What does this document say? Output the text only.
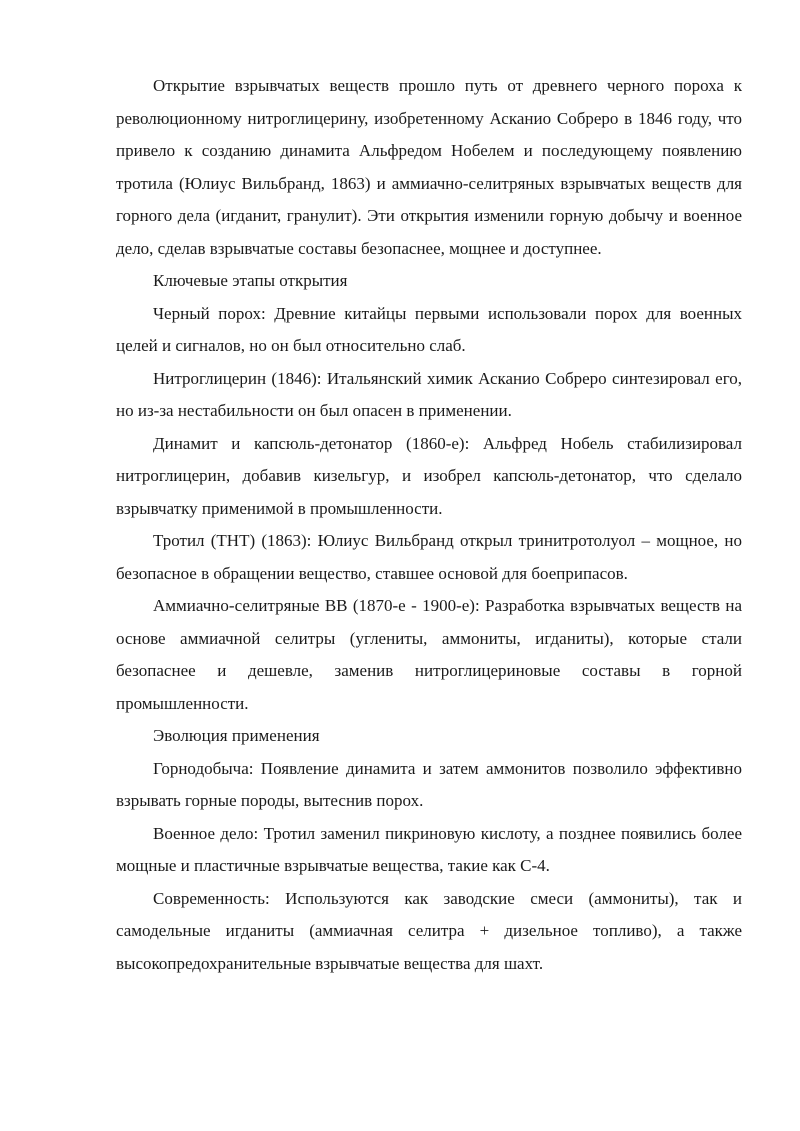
Открытие взрывчатых веществ прошло путь от древнего черного пороха к революционному нитроглицерину, изобретенному Асканио Собреро в 1846 году, что привело к созданию динамита Альфредом Нобелем и последующему появлению тротила (Юлиус Вильбранд, 1863) и аммиачно-селитряных взрывчатых веществ для горного дела (игданит, гранулит). Эти открытия изменили горную добычу и военное дело, сделав взрывчатые составы безопаснее, мощнее и доступнее.

Ключевые этапы открытия

Черный порох: Древние китайцы первыми использовали порох для военных целей и сигналов, но он был относительно слаб.

Нитроглицерин (1846): Итальянский химик Асканио Собреро синтезировал его, но из-за нестабильности он был опасен в применении.

Динамит и капсюль-детонатор (1860-е): Альфред Нобель стабилизировал нитроглицерин, добавив кизельгур, и изобрел капсюль-детонатор, что сделало взрывчатку применимой в промышленности.

Тротил (ТНТ) (1863): Юлиус Вильбранд открыл тринитротолуол – мощное, но безопасное в обращении вещество, ставшее основой для боеприпасов.

Аммиачно-селитряные ВВ (1870-е - 1900-е): Разработка взрывчатых веществ на основе аммиачной селитры (углениты, аммониты, игданиты), которые стали безопаснее и дешевле, заменив нитроглицериновые составы в горной промышленности.

Эволюция применения

Горнодобыча: Появление динамита и затем аммонитов позволило эффективно взрывать горные породы, вытеснив порох.

Военное дело: Тротил заменил пикриновую кислоту, а позднее появились более мощные и пластичные взрывчатые вещества, такие как С-4.

Современность: Используются как заводские смеси (аммониты), так и самодельные игданиты (аммиачная селитра + дизельное топливо), а также высокопредохранительные взрывчатые вещества для шахт.
